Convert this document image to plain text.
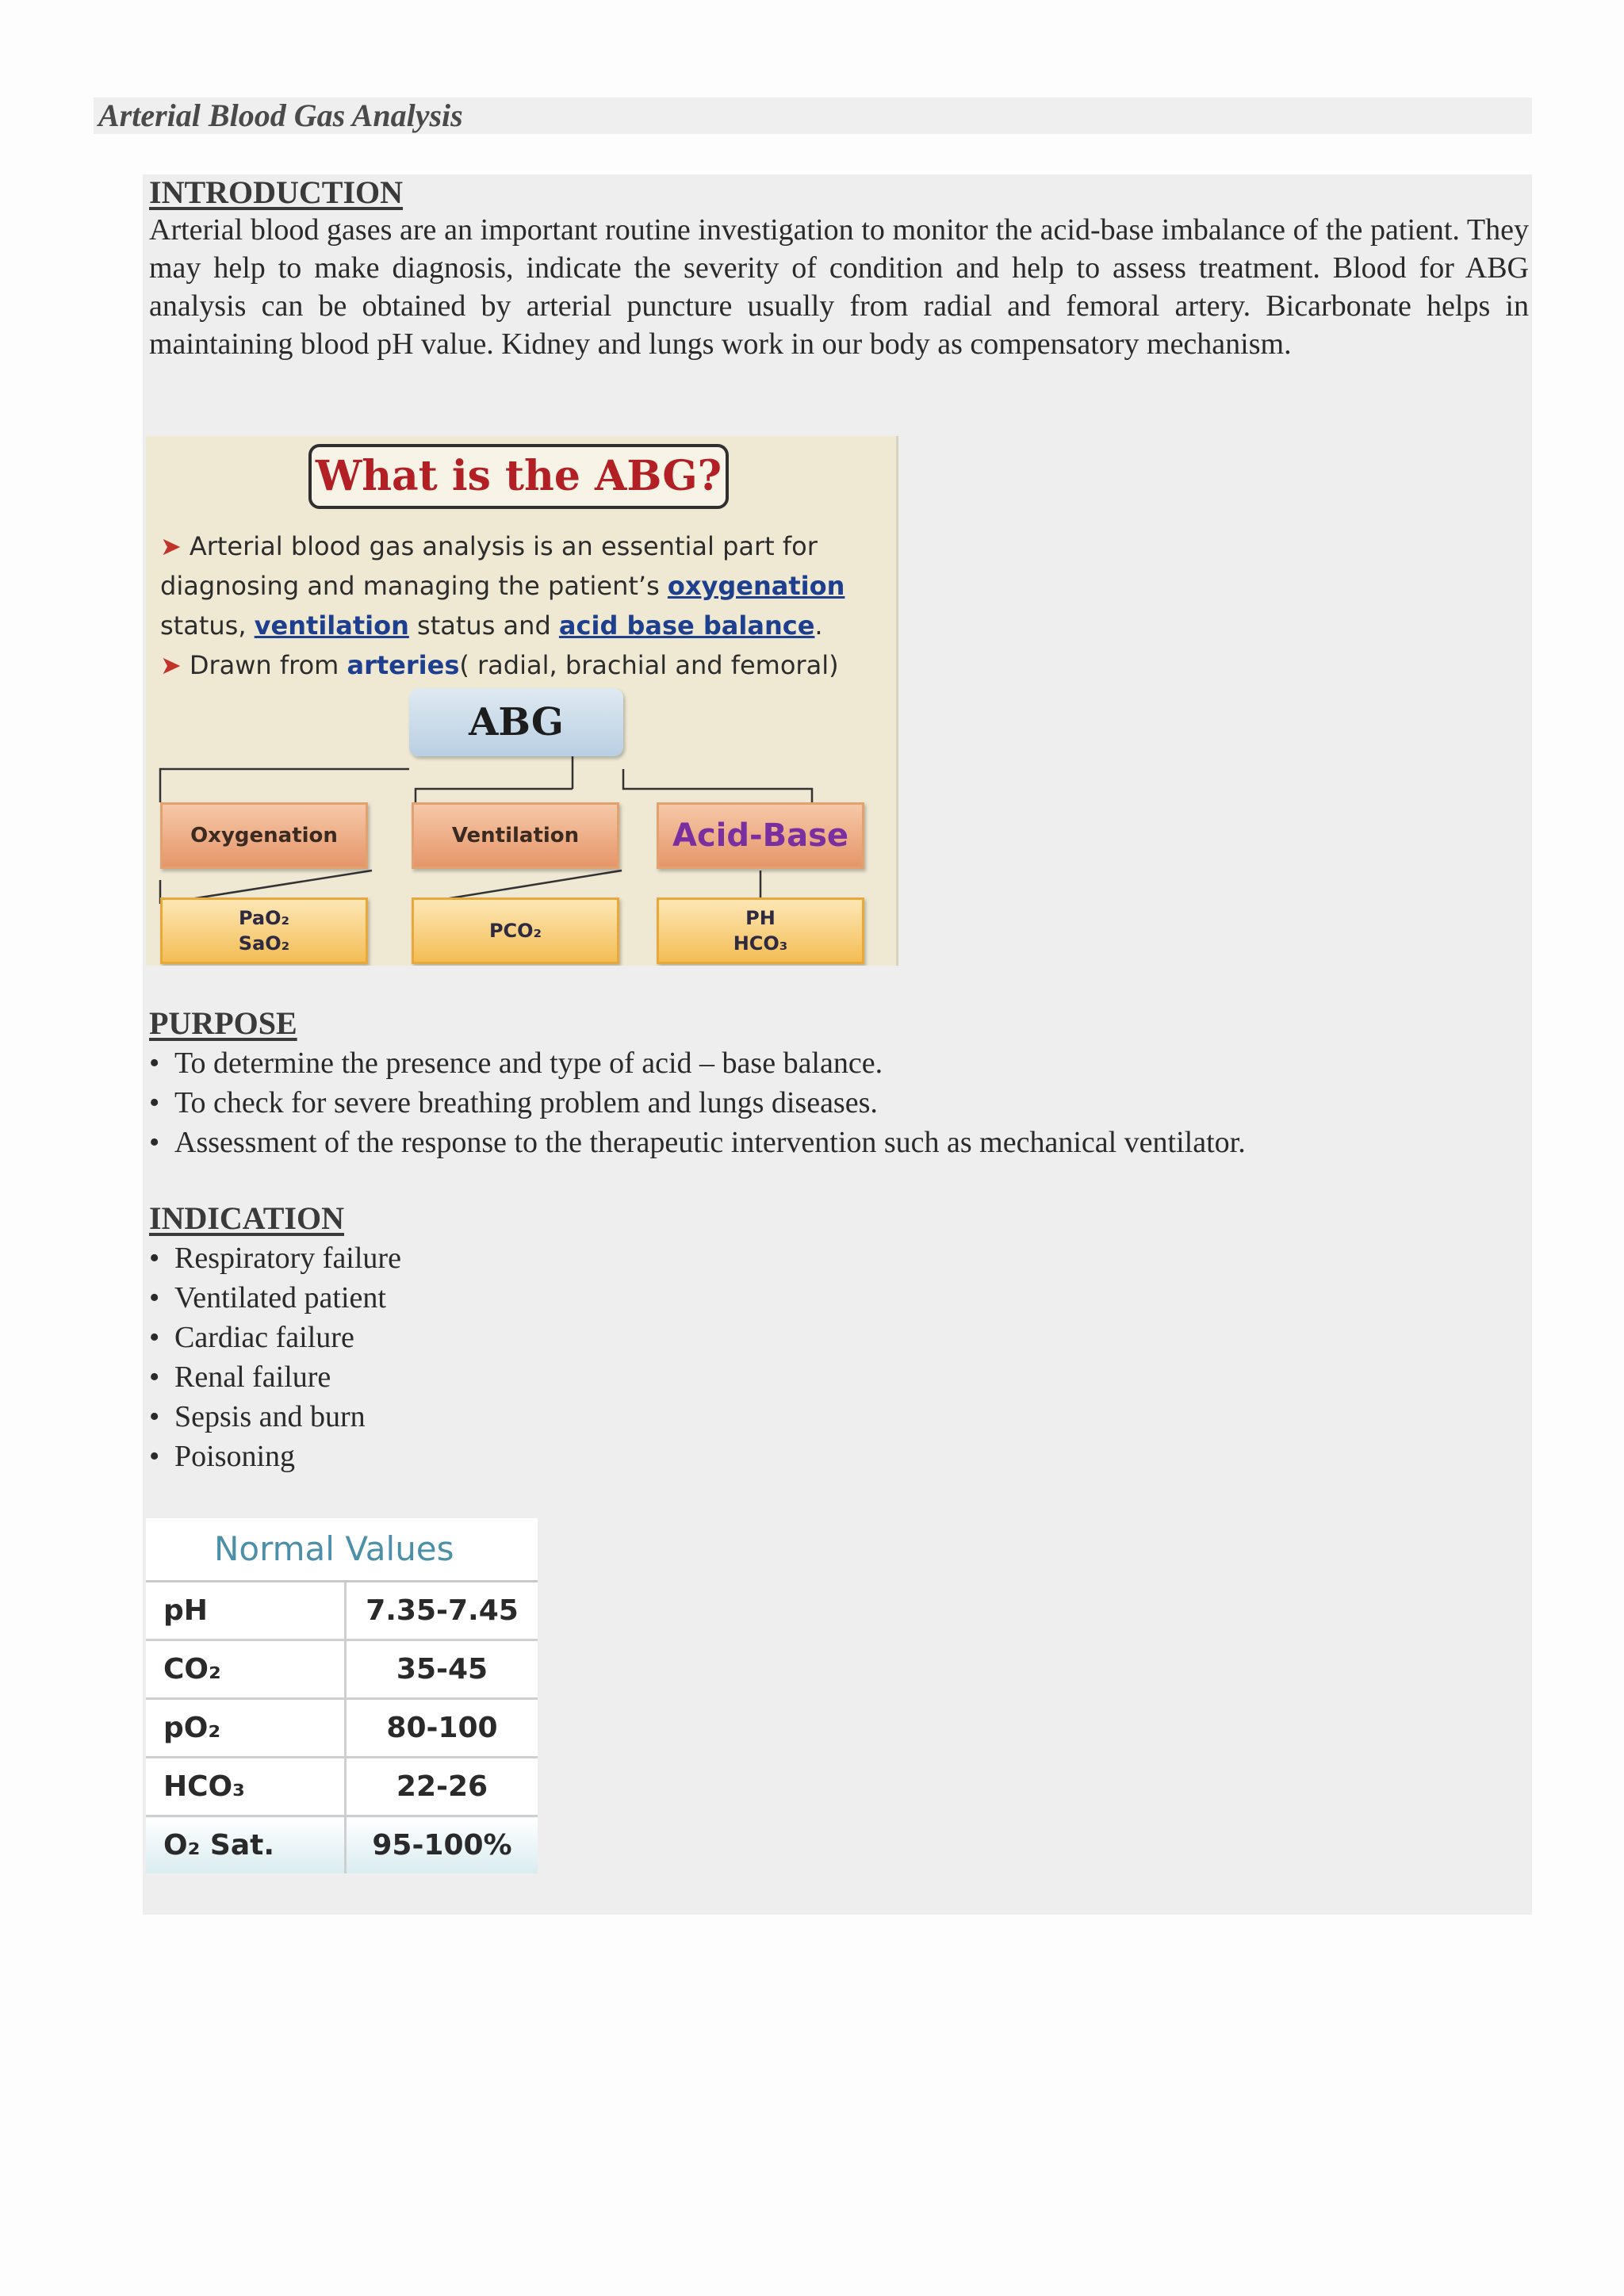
Arterial Blood Gas Analysis
INTRODUCTION

Arterial blood gases are an important routine investigation to monitor the acid-base imbalance of the patient. They may help to make diagnosis, indicate the severity of condition and help to assess treatment. Blood for ABG analysis can be obtained by arterial puncture usually from radial and femoral artery. Bicarbonate helps in maintaining blood pH value. Kidney and lungs work in our body as compensatory mechanism.

What is the ABG?
➤ Arterial blood gas analysis is an essential part for
diagnosing and managing the patient’s oxygenation
status, ventilation status and acid base balance.
➤ Drawn from arteries( radial, brachial and femoral)
ABG
Oxygenation	Ventilation	Acid-Base
PaO₂
SaO₂
PCO₂
PH
HCO₃
PURPOSE
• To determine the presence and type of acid – base balance.
• To check for severe breathing problem and lungs diseases.
• Assessment of the response to the therapeutic intervention such as mechanical ventilator.
INDICATION
• Respiratory failure
• Ventilated patient
• Cardiac failure
• Renal failure
• Sepsis and burn
• Poisoning
Normal Values
pH	7.35-7.45
CO₂	35-45
pO₂	80-100
HCO₃	22-26
O₂ Sat.	95-100%
